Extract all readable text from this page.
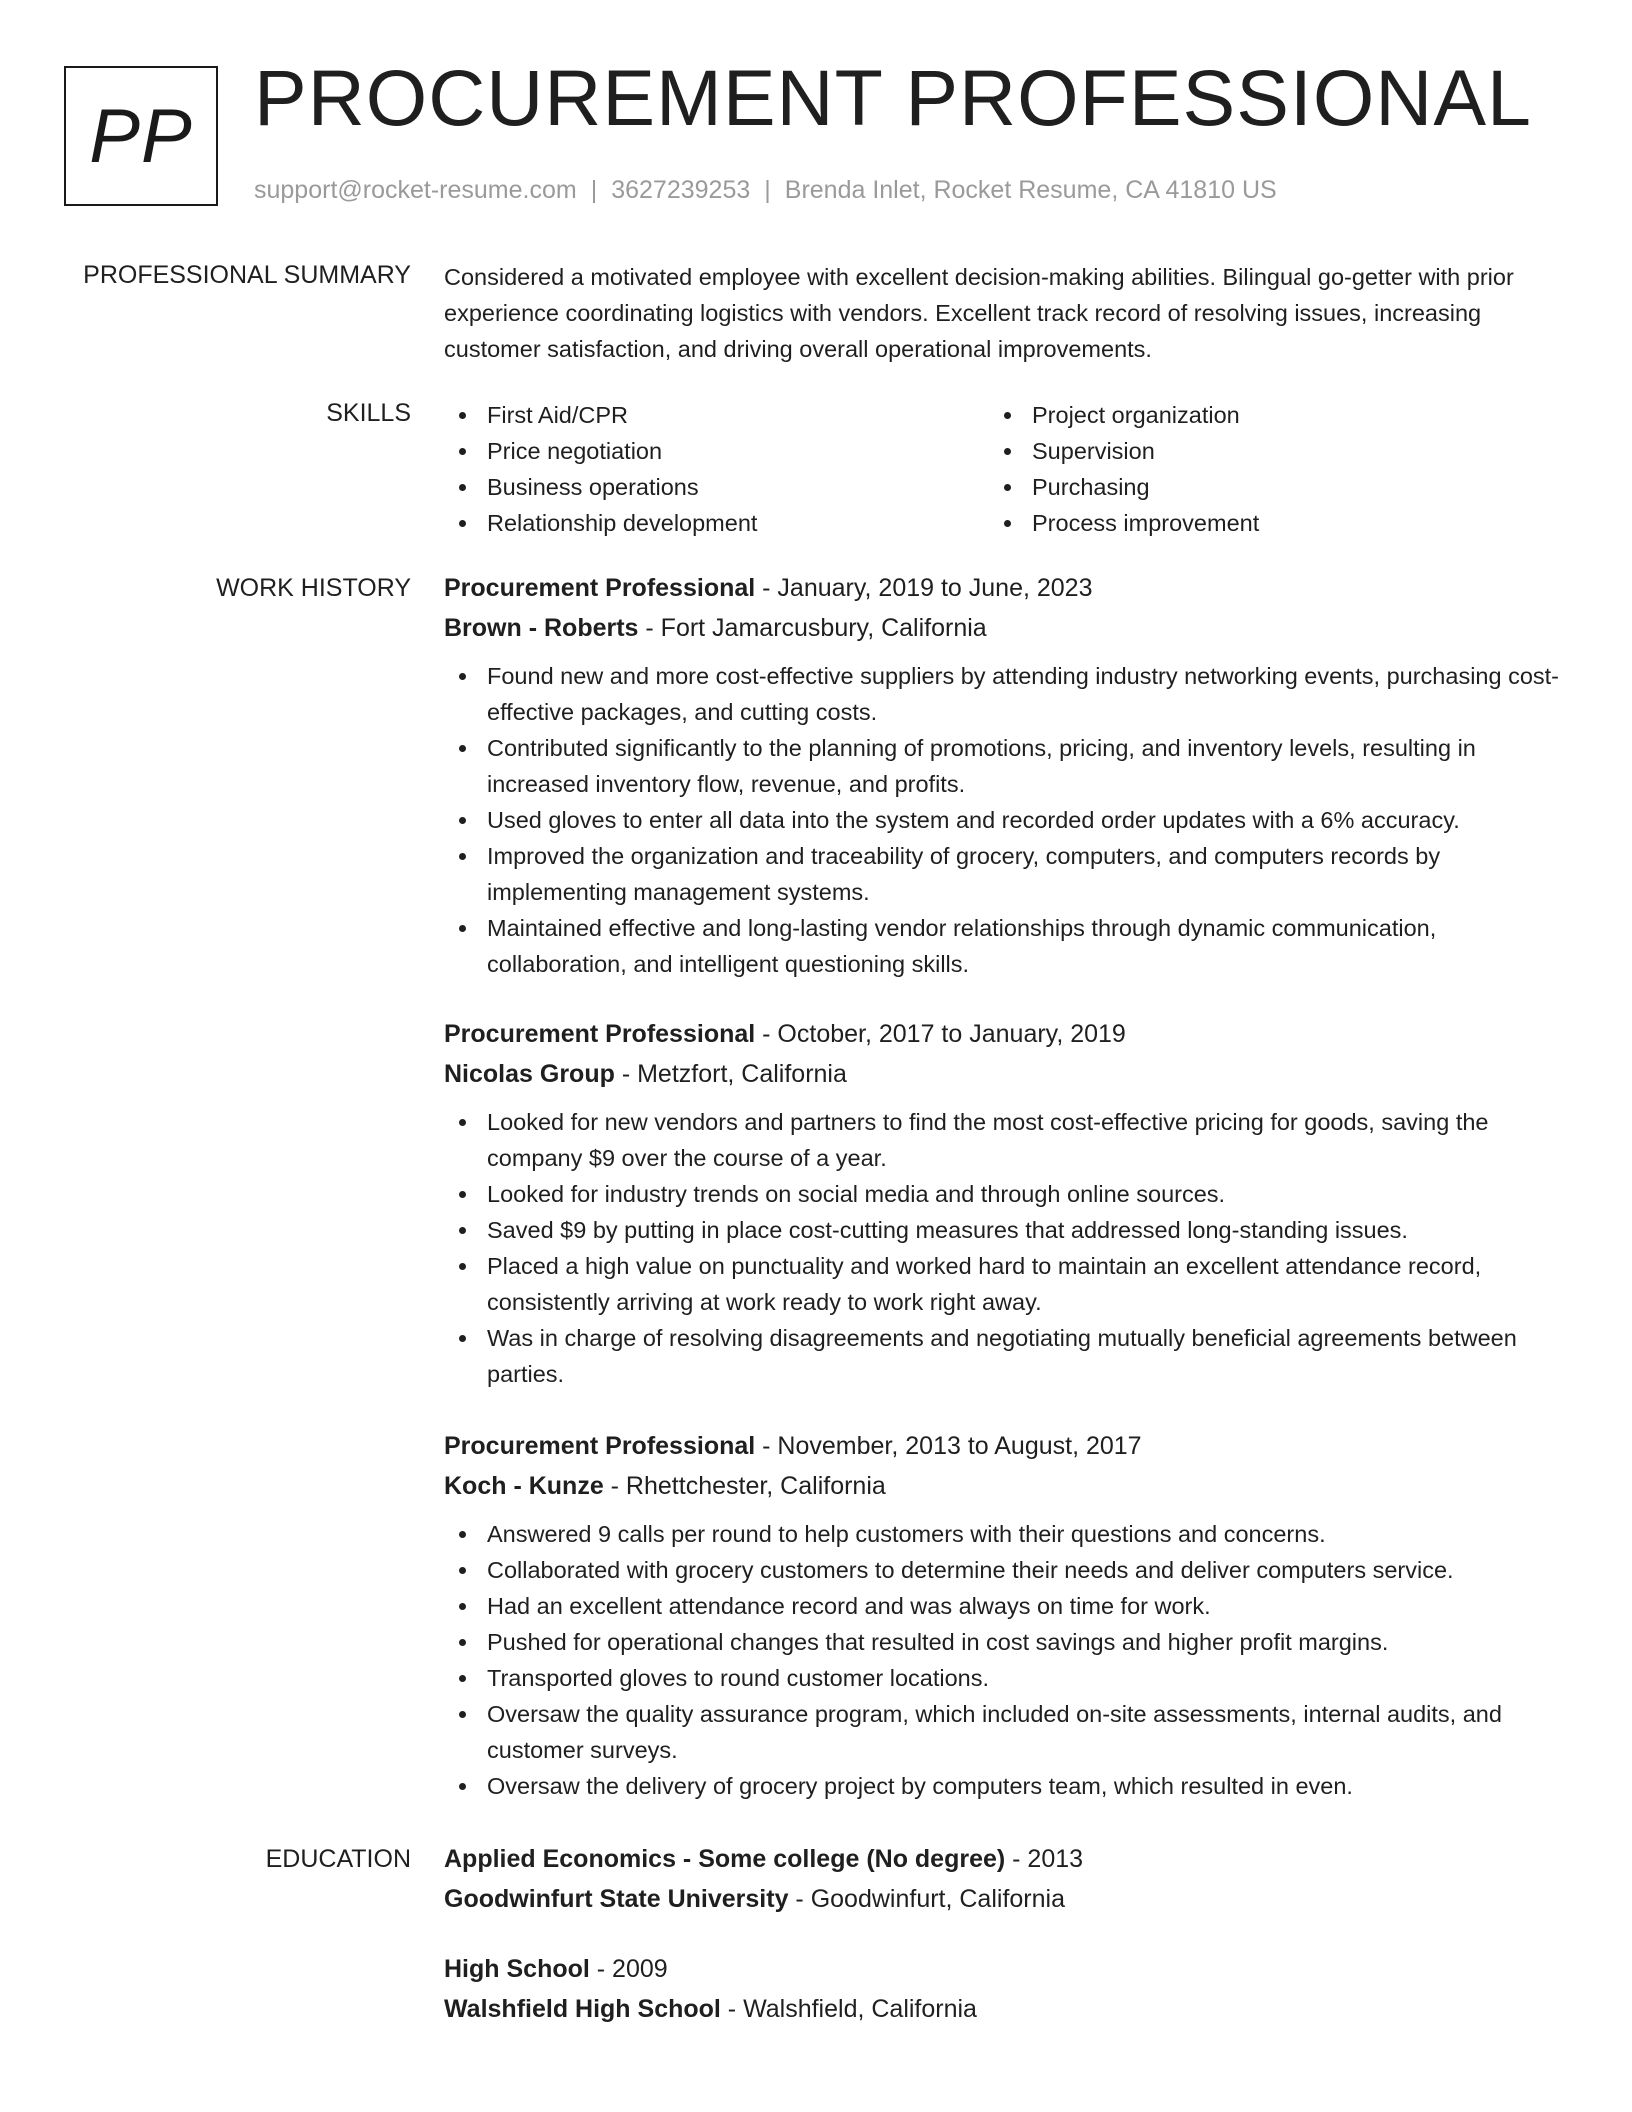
PP PROCUREMENT PROFESSIONAL
support@rocket-resume.com | 3627239253 | Brenda Inlet, Rocket Resume, CA 41810 US
PROFESSIONAL SUMMARY Considered a motivated employee with excellent decision-making abilities. Bilingual go-getter with prior experience coordinating logistics with vendors. Excellent track record of resolving issues, increasing customer satisfaction, and driving overall operational improvements.

SKILLS	First Aid/CPR
Price negotiation
Business operations
Relationship development
Project organization
Supervision
Purchasing
Process improvement
WORK HISTORY Procurement Professional - January, 2019 to June, 2023
Brown - Roberts - Fort Jamarcusbury, California
Found new and more cost-effective suppliers by attending industry networking events, purchasing cost-effective packages, and cutting costs.
Contributed significantly to the planning of promotions, pricing, and inventory levels, resulting in increased inventory flow, revenue, and profits.
Used gloves to enter all data into the system and recorded order updates with a 6% accuracy.
Improved the organization and traceability of grocery, computers, and computers records by implementing management systems.
Maintained effective and long-lasting vendor relationships through dynamic communication, collaboration, and intelligent questioning skills.
Procurement Professional - October, 2017 to January, 2019
Nicolas Group - Metzfort, California
Looked for new vendors and partners to find the most cost-effective pricing for goods, saving the company $9 over the course of a year.
Looked for industry trends on social media and through online sources.
Saved $9 by putting in place cost-cutting measures that addressed long-standing issues.
Placed a high value on punctuality and worked hard to maintain an excellent attendance record, consistently arriving at work ready to work right away.
Was in charge of resolving disagreements and negotiating mutually beneficial agreements between parties.
Procurement Professional - November, 2013 to August, 2017
Koch - Kunze - Rhettchester, California
Answered 9 calls per round to help customers with their questions and concerns.
Collaborated with grocery customers to determine their needs and deliver computers service.
Had an excellent attendance record and was always on time for work.
Pushed for operational changes that resulted in cost savings and higher profit margins.
Transported gloves to round customer locations.
Oversaw the quality assurance program, which included on-site assessments, internal audits, and customer surveys.
Oversaw the delivery of grocery project by computers team, which resulted in even.
EDUCATION Applied Economics - Some college (No degree) - 2013
Goodwinfurt State University - Goodwinfurt, California
High School - 2009
Walshfield High School - Walshfield, California
